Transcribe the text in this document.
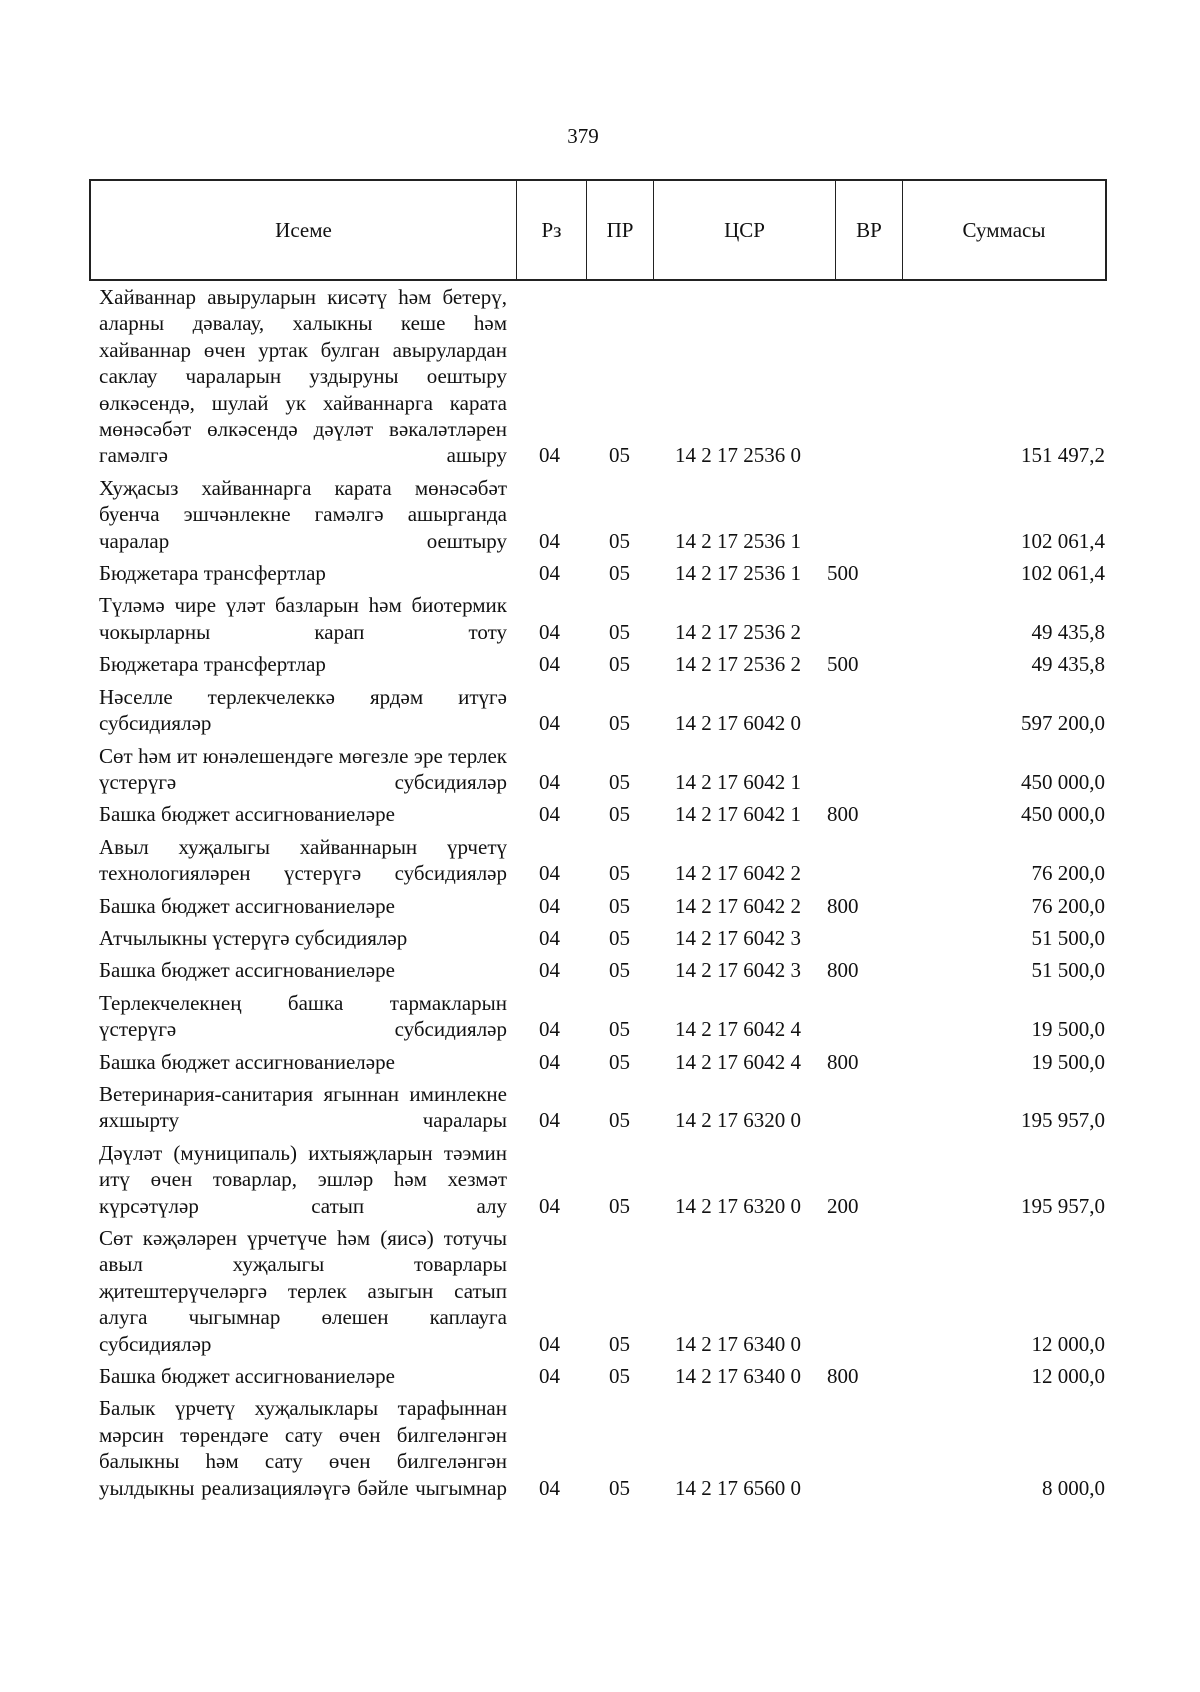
379
Исеме	Рз	ПР	ЦСР	ВР	Суммасы
Хайваннар авыруларын кисәтү һәм бетерү, аларны дәвалау, халыкны кеше һәм хайваннар өчен уртак булган авырулардан саклау чараларын уздыруны оештыру өлкәсендә, шулай ук хайваннарга карата мөнәсәбәт өлкәсендә дәүләт вәкаләтләрен гамәлгә ашыру	04	05	14 2 17 2536 0	151 497,2
Хуҗасыз хайваннарга карата мөнәсәбәт буенча эшчәнлекне гамәлгә ашырганда чаралар оештыру	04	05	14 2 17 2536 1	102 061,4
Бюджетара трансфертлар	04	05	14 2 17 2536 1	500	102 061,4
Түләмә чире үләт базларын һәм биотермик чокырларны карап тоту	04	05	14 2 17 2536 2	49 435,8
Бюджетара трансфертлар	04	05	14 2 17 2536 2	500	49 435,8
Нәселле терлекчелеккә ярдәм итүгә субсидияләр	04	05	14 2 17 6042 0	597 200,0
Сөт һәм ит юнәлешендәге мөгезле эре терлек үстерүгә субсидияләр	04	05	14 2 17 6042 1	450 000,0
Башка бюджет ассигнованиеләре	04	05	14 2 17 6042 1	800	450 000,0
Авыл хуҗалыгы хайваннарын үрчетү технологияләрен үстерүгә субсидияләр	04	05	14 2 17 6042 2	76 200,0
Башка бюджет ассигнованиеләре	04	05	14 2 17 6042 2	800	76 200,0
Атчылыкны үстерүгә субсидияләр	04	05	14 2 17 6042 3	51 500,0
Башка бюджет ассигнованиеләре	04	05	14 2 17 6042 3	800	51 500,0
Терлекчелекнең башка тармакларын үстерүгә субсидияләр	04	05	14 2 17 6042 4	19 500,0
Башка бюджет ассигнованиеләре	04	05	14 2 17 6042 4	800	19 500,0
Ветеринария-санитария ягыннан иминлекне яхшырту чаралары	04	05	14 2 17 6320 0	195 957,0
Дәүләт (муниципаль) ихтыяҗларын тәэмин итү өчен товарлар, эшләр һәм хезмәт күрсәтүләр сатып алу	04	05	14 2 17 6320 0	200	195 957,0
Сөт кәҗәләрен үрчетүче һәм (яисә) тотучы авыл хуҗалыгы товарлары җитештерүчеләргә терлек азыгын сатып алуга чыгымнар өлешен каплауга субсидияләр	04	05	14 2 17 6340 0	12 000,0
Башка бюджет ассигнованиеләре	04	05	14 2 17 6340 0	800	12 000,0
Балык үрчетү хуҗалыклары тарафыннан мәрсин төрендәге сату өчен билгеләнгән балыкны һәм сату өчен билгеләнгән уылдыкны реализацияләүгә бәйле чыгымнар	04	05	14 2 17 6560 0	8 000,0
